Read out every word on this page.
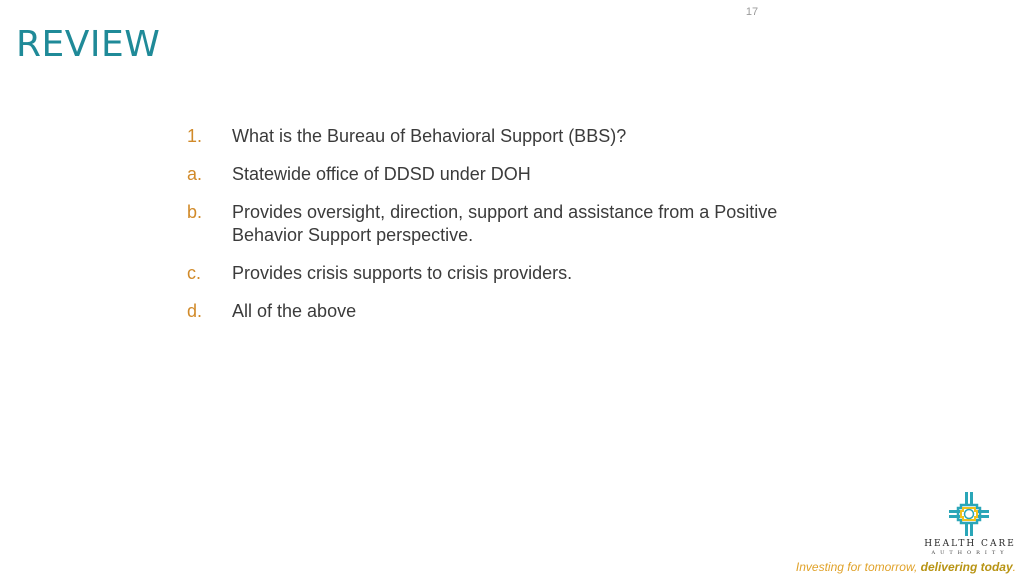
17
REVIEW
1.	What is the Bureau of Behavioral Support (BBS)?
a.	Statewide office of DDSD under DOH
b.	Provides oversight, direction, support and assistance from a Positive Behavior Support perspective.
c.	Provides crisis supports to crisis providers.
d.	All of the above
HEALTH CARE
AUTHORITY
Investing for tomorrow, delivering today.
